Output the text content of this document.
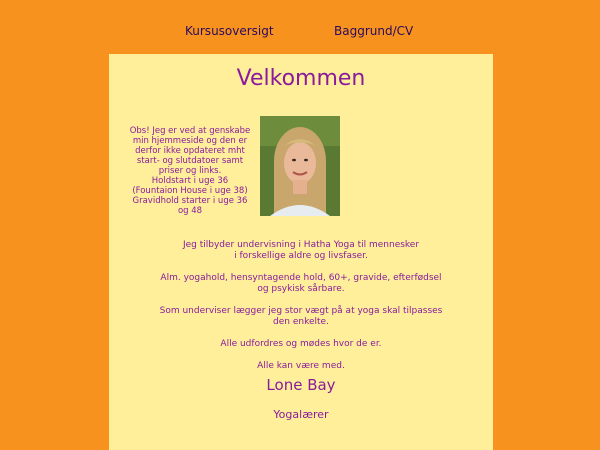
Kursusoversigt	Baggrund/CV
Velkommen
Obs! Jeg er ved at genskabe
min hjemmeside og den er
derfor ikke opdateret mht
start- og slutdatoer samt
priser og links.
Holdstart i uge 36
(Fountaion House i uge 38)
Gravidhold starter i uge 36
og 48

Jeg tilbyder undervisning i Hatha Yoga til mennesker
i forskellige aldre og livsfaser.

Alm. yogahold, hensyntagende hold, 60+, gravide, efterfødsel
og psykisk sårbare.

Som underviser lægger jeg stor vægt på at yoga skal tilpasses
den enkelte.

Alle udfordres og mødes hvor de er.

Alle kan være med.

Lone Bay
Yogalærer
